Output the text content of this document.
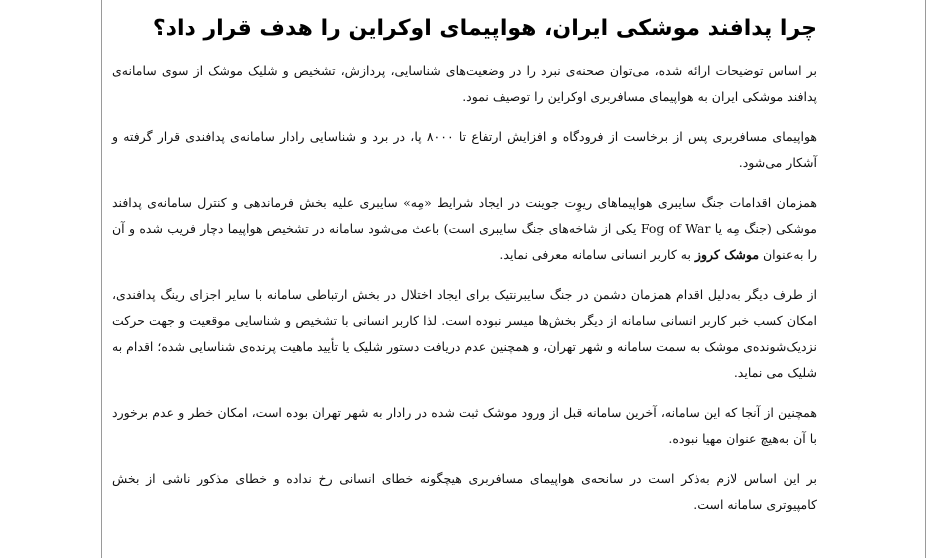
چرا پدافند موشکی ایران، هواپیمای اوکراین را هدف قرار داد؟

بر اساس توضیحات ارائه شده، می‌توان صحنه‌ی نبرد را در وضعیت‌های شناسایی، پردازش، تشخیص و شلیک موشک از سوی سامانه‌ی پدافند موشکی ایران به هواپیمای مسافربری اوکراین را توصیف نمود.

هواپیمای مسافربری پس از برخاست از فرودگاه و افزایش ارتفاع تا ۸۰۰۰ پا، در برد و شناسایی رادار سامانه‌ی پدافندی قرار گرفته و آشکار می‌شود.

همزمان اقدامات جنگ سایبری هواپیماهای ریوِت جوینت در ایجاد شرایط «مِه» سایبری علیه بخش فرماندهی و کنترل سامانه‌ی پدافند موشکی (جنگ مِه یا Fog of War یکی از شاخه‌های جنگ سایبری است) باعث می‌شود سامانه در تشخیص هواپیما دچار فریب شده و آن را به‌عنوان موشک کروز به کاربر انسانی سامانه معرفی نماید.

از طرف دیگر به‌دلیل اقدام همزمان دشمن در جنگ سایبرنتیک برای ایجاد اختلال در بخش ارتباطی سامانه با سایر اجزای رینگ پدافندی، امکان کسب خبر کاربر انسانی سامانه از دیگر بخش‌ها میسر نبوده است. لذا کاربر انسانی با تشخیص و شناسایی موقعیت و جهت حرکت نزدیک‌شونده‌ی موشک به سمت سامانه و شهر تهران، و همچنین عدم دریافت دستور شلیک یا تأیید ماهیت پرنده‌ی شناسایی شده؛ اقدام به شلیک می نماید.

همچنین از آنجا که این سامانه، آخرین سامانه قبل از ورود موشک ثبت شده در رادار به شهر تهران بوده است، امکان خطر و عدم برخورد با آن به‌هیچ عنوان مهیا نبوده.

بر این اساس لازم به‌ذکر است در سانحه‌ی هواپیمای مسافربری هیچگونه خطای انسانی رخ نداده و خطای مذکور ناشی از بخش کامپیوتری سامانه است.
